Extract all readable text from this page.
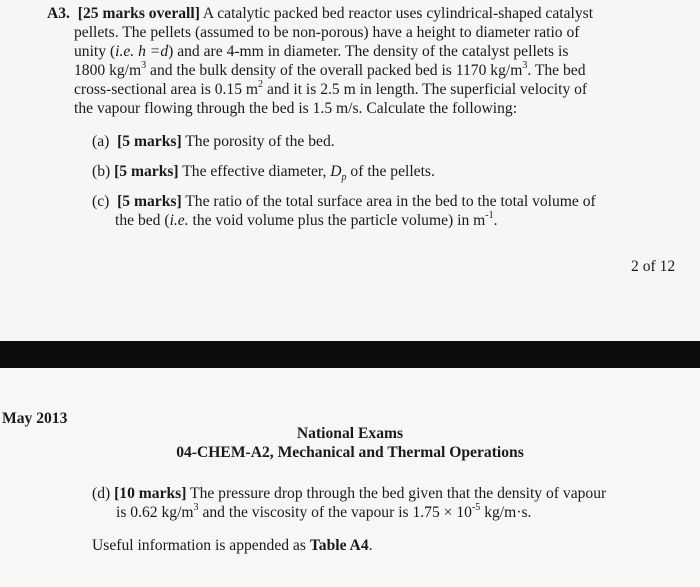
A3. [25 marks overall] A catalytic packed bed reactor uses cylindrical-shaped catalyst
pellets. The pellets (assumed to be non-porous) have a height to diameter ratio of
unity (i.e. h =d) and are 4-mm in diameter. The density of the catalyst pellets is
1800 $kg/m^3$ and the bulk density of the overall packed bed is 1170 $kg/m^3$. The bed
cross-sectional area is 0.15 $m^2$ and it is 2.5 m in length. The superficial velocity of
the vapour flowing through the bed is 1.5 m/s. Calculate the following:
(a) [5 marks] The porosity of the bed.
(b) [5 marks] The effective diameter, $D_p$ of the pellets.
(c) [5 marks] The ratio of the total surface area in the bed to the total volume of
the bed (i.e. the void volume plus the particle volume) in $m^{-1}$.
2 of 12
May 2013
National Exams
04-CHEM-A2, Mechanical and Thermal Operations
(d) [10 marks] The pressure drop through the bed given that the density of vapour
is 0.62 $kg/m^3$ and the viscosity of the vapour is $1.75 \times 10^{-5}$ kg/m·s.
Useful information is appended as Table A4.
